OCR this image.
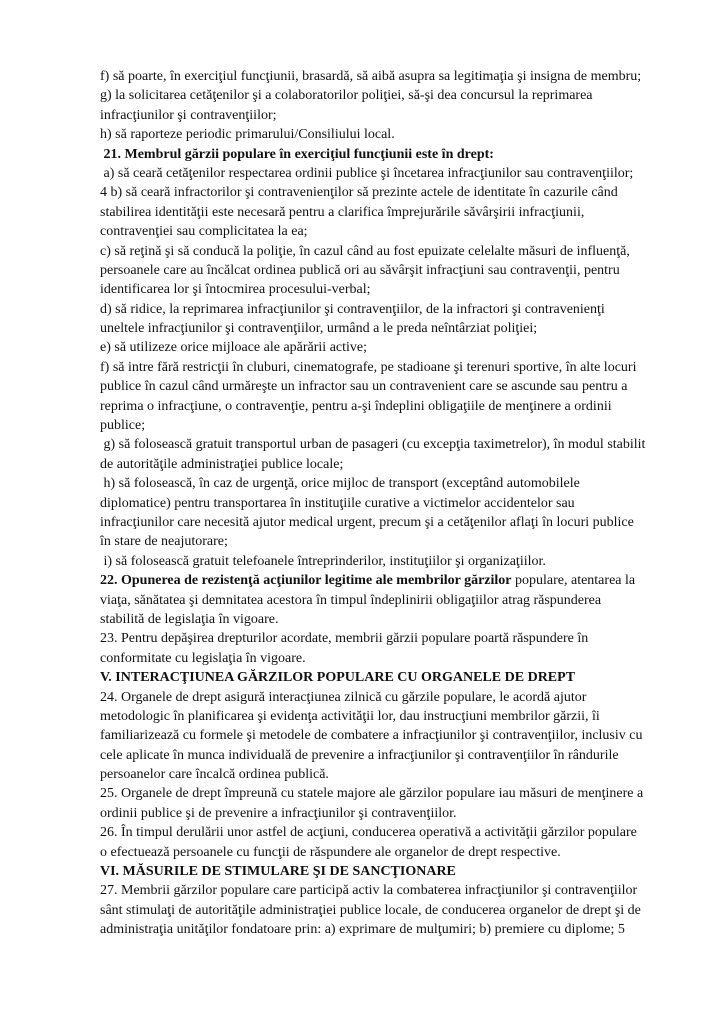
f) să poarte, în exerciţiul funcţiunii, brasardă, să aibă asupra sa legitimaţia şi insigna de membru;
g) la solicitarea cetăţenilor şi a colaboratorilor poliţiei, să-şi dea concursul la reprimarea
infracţiunilor şi contravenţiilor;
h) să raporteze periodic primarului/Consiliului local.
21. Membrul gărzii populare în exerciţiul funcţiunii este în drept:
a) să ceară cetăţenilor respectarea ordinii publice şi încetarea infracţiunilor sau contravenţiilor;
4 b) să ceară infractorilor şi contravenienţilor să prezinte actele de identitate în cazurile când
stabilirea identităţii este necesară pentru a clarifica împrejurările săvârşirii infracţiunii,
contravenţiei sau complicitatea la ea;
c) să reţină şi să conducă la poliţie, în cazul când au fost epuizate celelalte măsuri de influenţă,
persoanele care au încălcat ordinea publică ori au săvârşit infracţiuni sau contravenţii, pentru
identificarea lor şi întocmirea procesului-verbal;
d) să ridice, la reprimarea infracţiunilor şi contravenţiilor, de la infractori şi contravenienţi
uneltele infracţiunilor şi contravenţiilor, urmând a le preda neîntârziat poliţiei;
e) să utilizeze orice mijloace ale apărării active;
f) să intre fără restricţii în cluburi, cinematografe, pe stadioane şi terenuri sportive, în alte locuri
publice în cazul când urmăreşte un infractor sau un contravenient care se ascunde sau pentru a
reprima o infracţiune, o contravenţie, pentru a-şi îndeplini obligaţiile de menţinere a ordinii
publice;
g) să folosească gratuit transportul urban de pasageri (cu excepţia taximetrelor), în modul stabilit
de autorităţile administraţiei publice locale;
h) să folosească, în caz de urgenţă, orice mijloc de transport (exceptând automobilele
diplomatice) pentru transportarea în instituţiile curative a victimelor accidentelor sau
infracţiunilor care necesită ajutor medical urgent, precum şi a cetăţenilor aflaţi în locuri publice
în stare de neajutorare;
i) să folosească gratuit telefoanele întreprinderilor, instituţiilor şi organizaţiilor.
22. Opunerea de rezistenţă acţiunilor legitime ale membrilor gărzilor populare, atentarea la
viaţa, sănătatea şi demnitatea acestora în timpul îndeplinirii obligaţiilor atrag răspunderea
stabilită de legislaţia în vigoare.
23. Pentru depăşirea drepturilor acordate, membrii gărzii populare poartă răspundere în
conformitate cu legislaţia în vigoare.
V. INTERACŢIUNEA GĂRZILOR POPULARE CU ORGANELE DE DREPT
24. Organele de drept asigură interacţiunea zilnică cu gărzile populare, le acordă ajutor
metodologic în planificarea şi evidenţa activităţii lor, dau instrucţiuni membrilor gărzii, îi
familiarizează cu formele şi metodele de combatere a infracţiunilor şi contravenţiilor, inclusiv cu
cele aplicate în munca individuală de prevenire a infracţiunilor şi contravenţiilor în rândurile
persoanelor care încalcă ordinea publică.
25. Organele de drept împreună cu statele majore ale gărzilor populare iau măsuri de menţinere a
ordinii publice şi de prevenire a infracţiunilor şi contravenţiilor.
26. În timpul derulării unor astfel de acţiuni, conducerea operativă a activităţii gărzilor populare
o efectuează persoanele cu funcţii de răspundere ale organelor de drept respective.
VI. MĂSURILE DE STIMULARE ŞI DE SANCŢIONARE
27. Membrii gărzilor populare care participă activ la combaterea infracţiunilor şi contravenţiilor
sânt stimulaţi de autorităţile administraţiei publice locale, de conducerea organelor de drept şi de
administraţia unităţilor fondatoare prin: a) exprimare de mulţumiri; b) premiere cu diplome; 5
